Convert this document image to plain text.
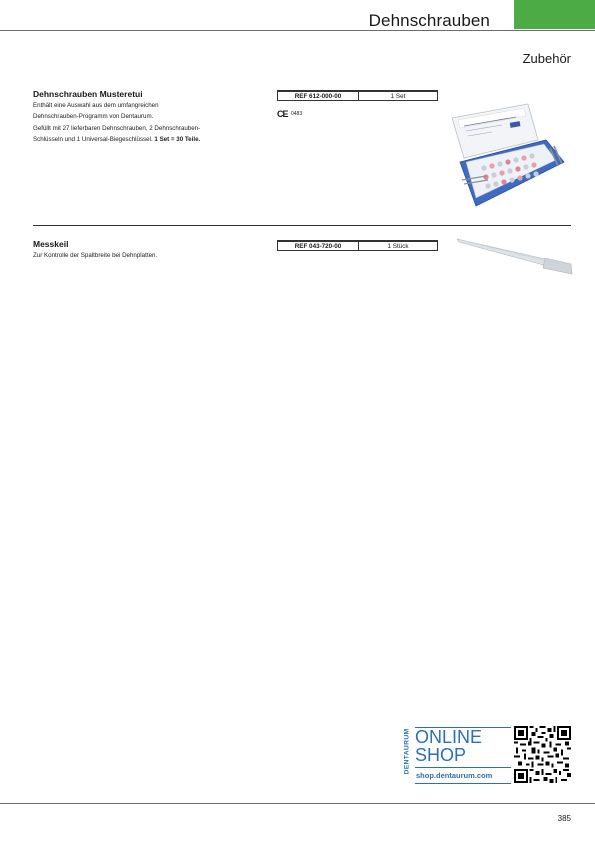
Dehnschrauben
Zubehör
Dehnschrauben Musteretui
Enthält eine Auswahl aus dem umfangreichen
Dehnschrauben-Programm von Dentaurum.
Gefüllt mit 27 lieferbaren Dehnschrauben, 2 Dehnschrauben-
Schlüsseln und 1 Universal-Biegeschlüssel. 1 Set = 30 Teile.
REF 612-000-00	1 Set
CE 0483
Messkeil
Zur Kontrolle der Spaltbreite bei Dehnplatten.
REF 043-720-00	1 Stück
DENTAURUM ONLINE
SHOP
shop.dentaurum.com
385
